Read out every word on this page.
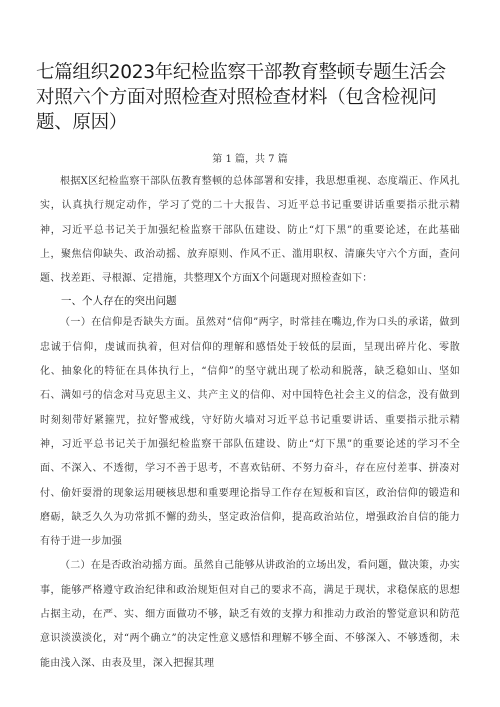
七篇组织2023年纪检监察干部教育整顿专题生活会对照六个方面对照检查对照检查材料（包含检视问题、原因）
第 1 篇，共 7 篇

根据X区纪检监察干部队伍教育整顿的总体部署和安排，我思想重视、态度端正、作风扎实，认真执行规定动作，学习了党的二十大报告、习近平总书记重要讲话重要指示批示精神，习近平总书记关于加强纪检监察干部队伍建设、防止“灯下黑”的重要论述，在此基础上，聚焦信仰缺失、政治动摇、放弃原则、作风不正、滥用职权、清廉失守六个方面，查问题、找差距、寻根源、定措施，共整理X个方面X个问题现对照检查如下：

一、个人存在的突出问题

（一）在信仰是否缺失方面。虽然对“信仰”两字，时常挂在嘴边,作为口头的承诺，做到忠诚于信仰，虔诚而执着，但对信仰的理解和感悟处于较低的层面，呈现出碎片化、零散化、抽象化的特征在具体执行上，“信仰”的坚守就出现了松动和脱落，缺乏稳如山、坚如石、满如弓的信念对马克思主义、共产主义的信仰、对中国特色社会主义的信念，没有做到时刻刻带好紧箍咒，拉好警戒线，守好防火墙对习近平总书记重要讲话、重要指示批示精神，习近平总书记关于加强纪检监察干部队伍建设、防止“灯下黑”的重要论述的学习不全面、不深入、不透彻，学习不善于思考，不喜欢钻研、不努力奋斗，存在应付差事、拼凑对付、偷奸耍滑的现象运用硬核思想和重要理论指导工作存在短板和盲区，政治信仰的锻造和磨砺，缺乏久久为功常抓不懈的劲头，坚定政治信仰，提高政治站位，增强政治自信的能力有待于进一步加强

（二）在是否政治动摇方面。虽然自己能够从讲政治的立场出发，看问题，做决策，办实事，能够严格遵守政治纪律和政治规矩但对自己的要求不高，满足于现状，求稳保底的思想占据主动，在严、实、细方面做功不够，缺乏有效的支撑力和推动力政治的警觉意识和防范意识淡漠淡化，对“两个确立”的决定性意义感悟和理解不够全面、不够深入、不够透彻，未能由浅入深、由表及里，深入把握其理
